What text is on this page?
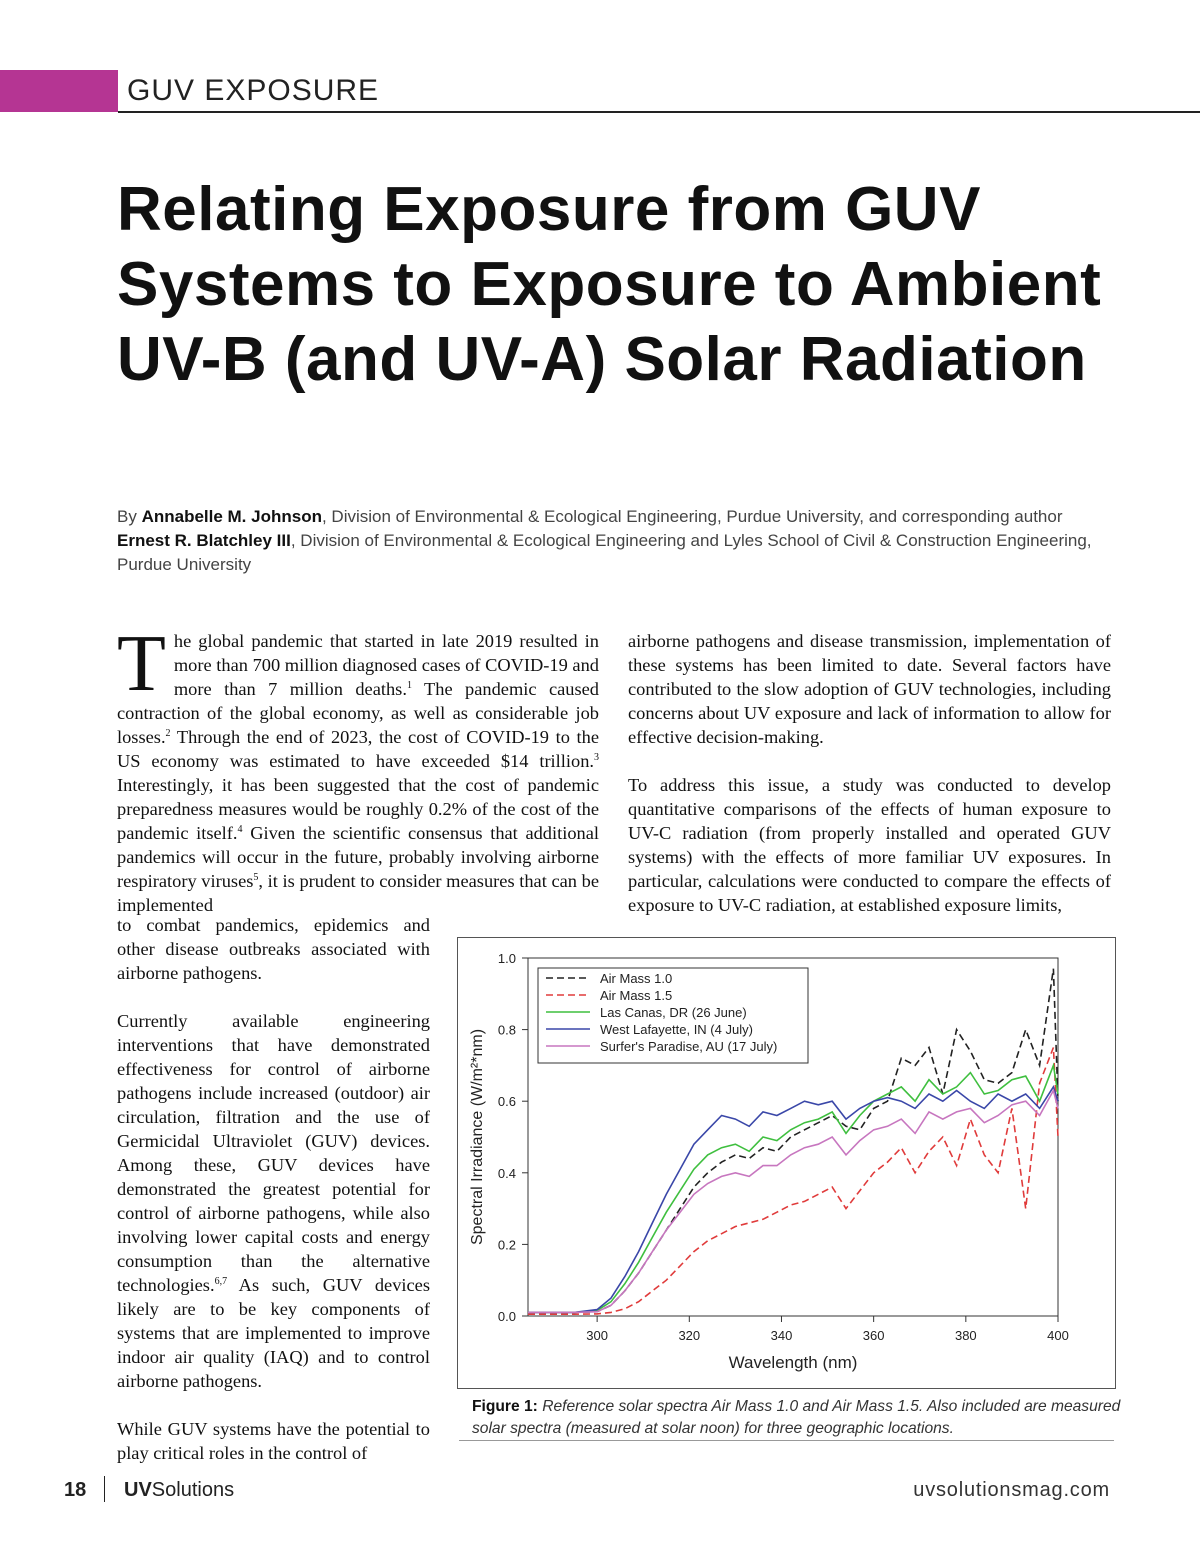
GUV EXPOSURE
Relating Exposure from GUV Systems to Exposure to Ambient UV-B (and UV-A) Solar Radiation

By Annabelle M. Johnson, Division of Environmental & Ecological Engineering, Purdue University, and corresponding author Ernest R. Blatchley III, Division of Environmental & Ecological Engineering and Lyles School of Civil & Construction Engineering, Purdue University

The global pandemic that started in late 2019 resulted in more than 700 million diagnosed cases of COVID-19 and more than 7 million deaths.$^1$ The pandemic caused contraction of the global economy, as well as considerable job losses.$^2$ Through the end of 2023, the cost of COVID-19 to the US economy was estimated to have exceeded $14 trillion.$^3$ Interestingly, it has been suggested that the cost of pandemic preparedness measures would be roughly 0.2% of the cost of the pandemic itself.$^4$ Given the scientific consensus that additional pandemics will occur in the future, probably involving airborne respiratory viruses$^5$, it is prudent to consider measures that can be implemented

to combat pandemics, epidemics and other disease outbreaks associated with airborne pathogens.

Currently available engineering interventions that have demonstrated effectiveness for control of airborne pathogens include increased (outdoor) air circulation, filtration and the use of Germicidal Ultraviolet (GUV) devices. Among these, GUV devices have demonstrated the greatest potential for control of airborne pathogens, while also involving lower capital costs and energy consumption than the alternative technologies.$^{6,7}$ As such, GUV devices likely are to be key components of systems that are implemented to improve indoor air quality (IAQ) and to control airborne pathogens.

While GUV systems have the potential to play critical roles in the control of

airborne pathogens and disease transmission, implementation of these systems has been limited to date. Several factors have contributed to the slow adoption of GUV technologies, including concerns about UV exposure and lack of information to allow for effective decision-making.

To address this issue, a study was conducted to develop quantitative comparisons of the effects of human exposure to UV-C radiation (from properly installed and operated GUV systems) with the effects of more familiar UV exposures. In particular, calculations were conducted to compare the effects of exposure to UV-C radiation, at established exposure limits,

0.0
0.2
0.4
0.6
0.8
1.0
300	320	340	360	380	400
Air Mass 1.0
Air Mass 1.5
Las Canas, DR (26 June)
West Lafayette, IN (4 July)
Surfer's Paradise, AU (17 July)
Spectral Irradiance (W/m²*nm)
Wavelength (nm)

Figure 1: Reference solar spectra Air Mass 1.0 and Air Mass 1.5. Also included are measured solar spectra (measured at solar noon) for three geographic locations.

18 UVSolutions	uvsolutionsmag.com
